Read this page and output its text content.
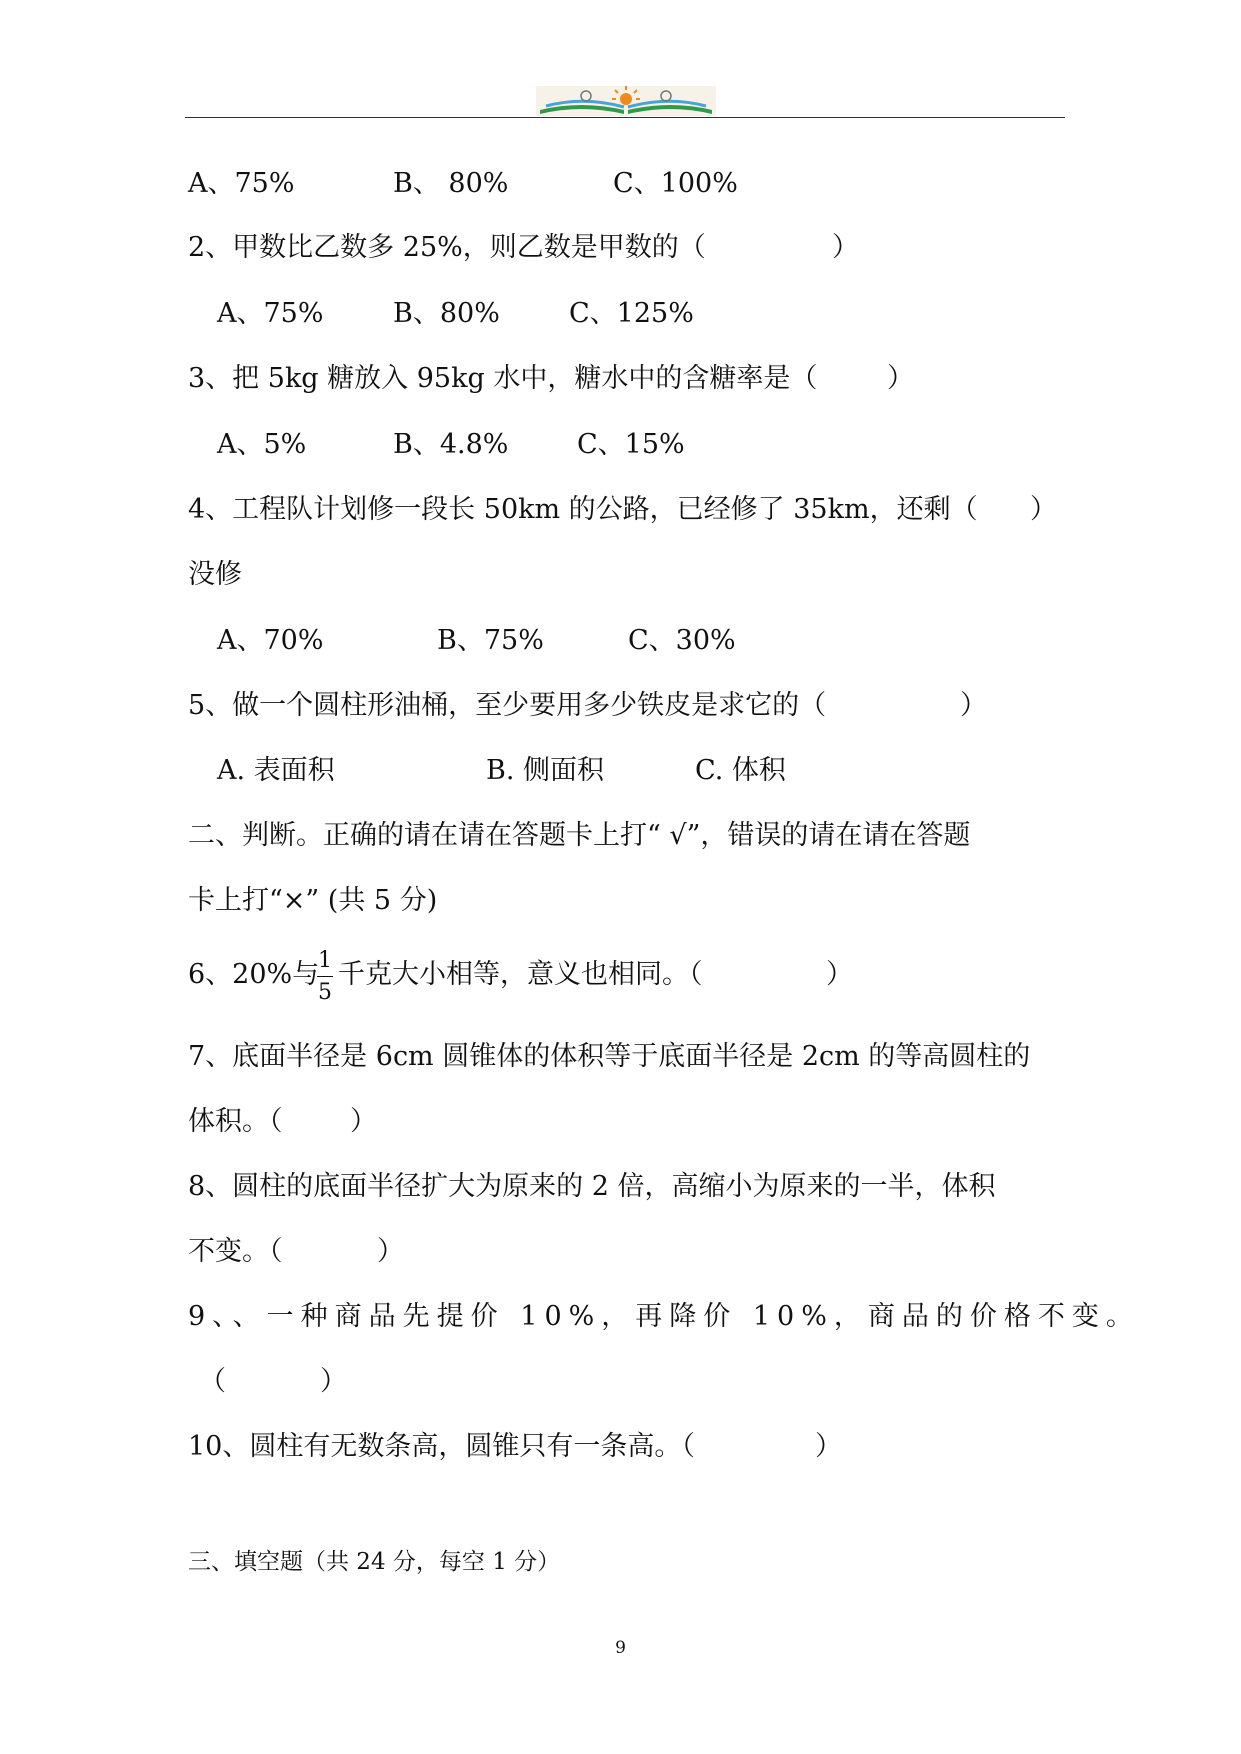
A、75%	B、 80%	C、100%
2、甲数比乙数多 25%，则乙数是甲数的（	）
A、75%	B、80%	C、125%
3、把 5kg 糖放入 95kg 水中，糖水中的含糖率是（	）
A、5%	B、4.8%	C、15%
4、工程队计划修一段长 50km 的公路，已经修了 35km，还剩（ ）
没修
A、70%	B、75%	C、30%
5、做一个圆柱形油桶，至少要用多少铁皮是求它的（	）
A. 表面积	B. 侧面积	C. 体积
二、判断。正确的请在请在答题卡上打“ √”，错误的请在请在答题
卡上打“×” (共 5 分)
6、20%与
1
5
千克大小相等，意义也相同。（	）
7、底面半径是 6cm 圆锥体的体积等于底面半径是 2cm 的等高圆柱的
体积。（	）
8、圆柱的底面半径扩大为原来的 2 倍，高缩小为原来的一半，体积
不变。（	）
9、、一种商品先提价 10%，再降价 10%，商品的价格不变。
（	）
10、圆柱有无数条高，圆锥只有一条高。（	）
三、填空题（共 24 分，每空 1 分）
9
